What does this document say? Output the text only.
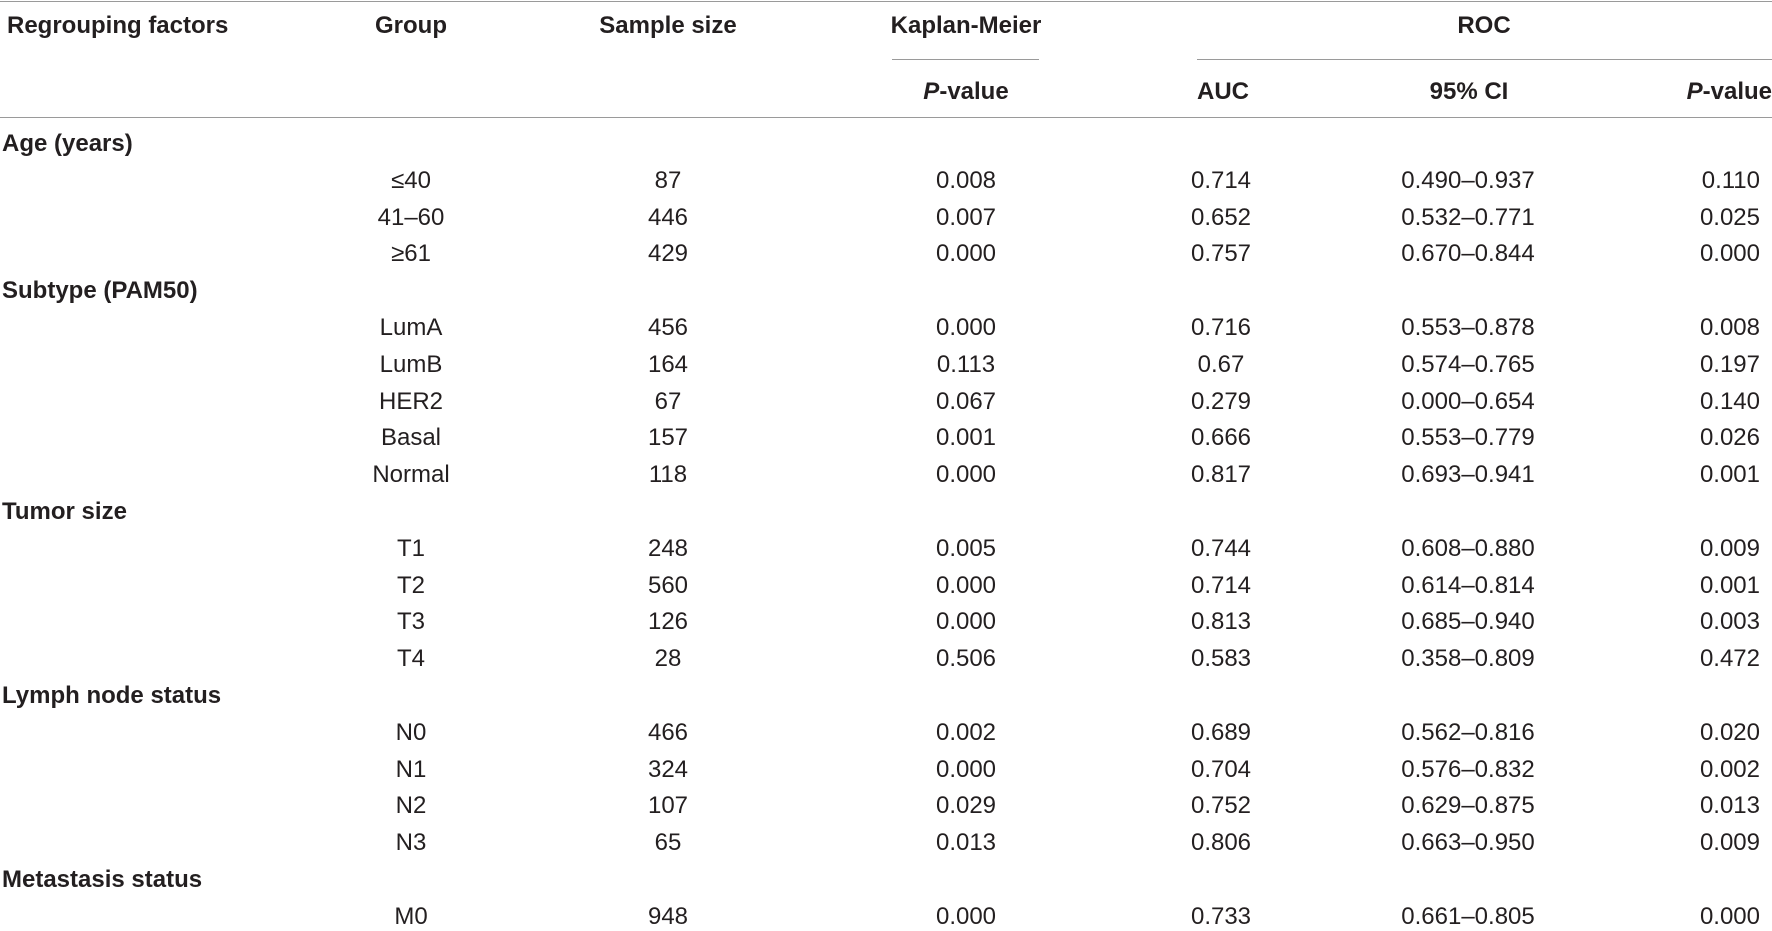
Regrouping factors	Group	Sample size	Kaplan-Meier	ROC
P-value	AUC	95% CI	P-value
Age (years)
≤40	87	0.008	0.714	0.490–0.937	0.110
41–60	446	0.007	0.652	0.532–0.771	0.025
≥61	429	0.000	0.757	0.670–0.844	0.000
Subtype (PAM50)
LumA	456	0.000	0.716	0.553–0.878	0.008
LumB	164	0.113	0.67	0.574–0.765	0.197
HER2	67	0.067	0.279	0.000–0.654	0.140
Basal	157	0.001	0.666	0.553–0.779	0.026
Normal	118	0.000	0.817	0.693–0.941	0.001
Tumor size
T1	248	0.005	0.744	0.608–0.880	0.009
T2	560	0.000	0.714	0.614–0.814	0.001
T3	126	0.000	0.813	0.685–0.940	0.003
T4	28	0.506	0.583	0.358–0.809	0.472
Lymph node status
N0	466	0.002	0.689	0.562–0.816	0.020
N1	324	0.000	0.704	0.576–0.832	0.002
N2	107	0.029	0.752	0.629–0.875	0.013
N3	65	0.013	0.806	0.663–0.950	0.009
Metastasis status
M0	948	0.000	0.733	0.661–0.805	0.000
